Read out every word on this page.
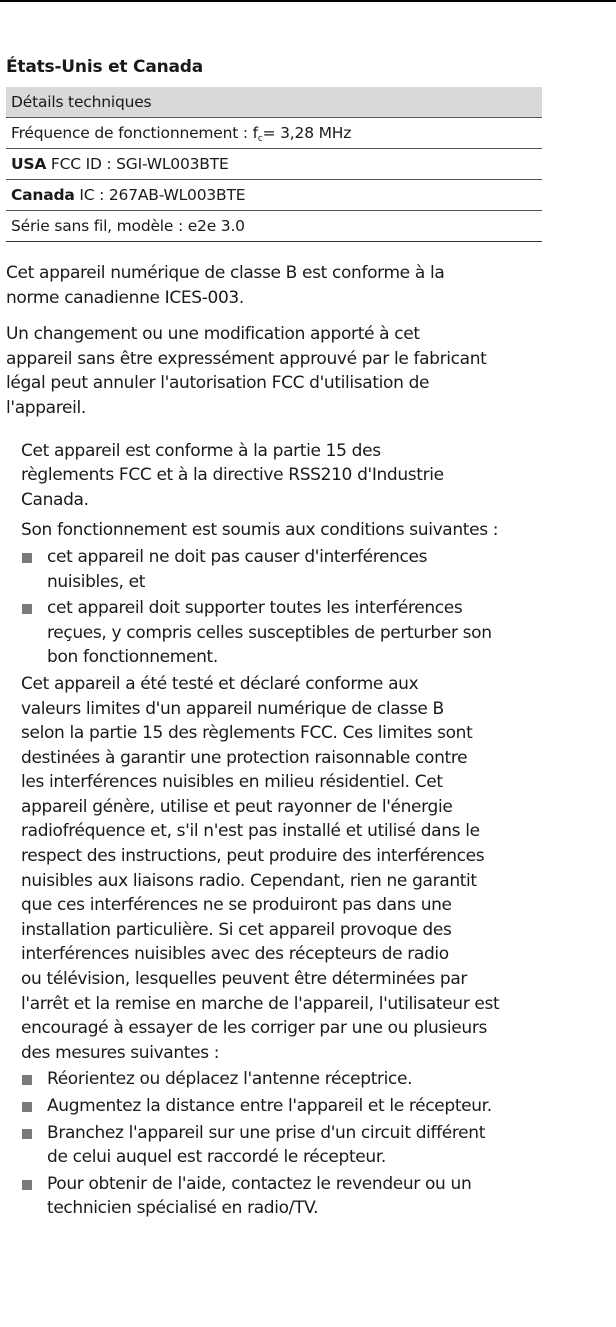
États-Unis et Canada
Détails techniques
Fréquence de fonctionnement : $f_c= 3,28$ MHz
USA FCC ID : SGI-WL003BTE
Canada IC : 267AB-WL003BTE
Série sans fil, modèle : e2e 3.0

Cet appareil numérique de classe B est conforme à la
norme canadienne ICES-003.

Un changement ou une modification apporté à cet
appareil sans être expressément approuvé par le fabricant
légal peut annuler l'autorisation FCC d'utilisation de
l'appareil.

Cet appareil est conforme à la partie 15 des
règlements FCC et à la directive RSS210 d'Industrie
Canada.

Son fonctionnement est soumis aux conditions suivantes :

cet appareil ne doit pas causer d'interférences
nuisibles, et
cet appareil doit supporter toutes les interférences
reçues, y compris celles susceptibles de perturber son
bon fonctionnement.

Cet appareil a été testé et déclaré conforme aux
valeurs limites d'un appareil numérique de classe B
selon la partie 15 des règlements FCC. Ces limites sont
destinées à garantir une protection raisonnable contre
les interférences nuisibles en milieu résidentiel. Cet
appareil génère, utilise et peut rayonner de l'énergie
radiofréquence et, s'il n'est pas installé et utilisé dans le
respect des instructions, peut produire des interférences
nuisibles aux liaisons radio. Cependant, rien ne garantit
que ces interférences ne se produiront pas dans une
installation particulière. Si cet appareil provoque des
interférences nuisibles avec des récepteurs de radio
ou télévision, lesquelles peuvent être déterminées par
l'arrêt et la remise en marche de l'appareil, l'utilisateur est
encouragé à essayer de les corriger par une ou plusieurs
des mesures suivantes :

Réorientez ou déplacez l'antenne réceptrice.
Augmentez la distance entre l'appareil et le récepteur.
Branchez l'appareil sur une prise d'un circuit différent
de celui auquel est raccordé le récepteur.
Pour obtenir de l'aide, contactez le revendeur ou un
technicien spécialisé en radio/TV.
